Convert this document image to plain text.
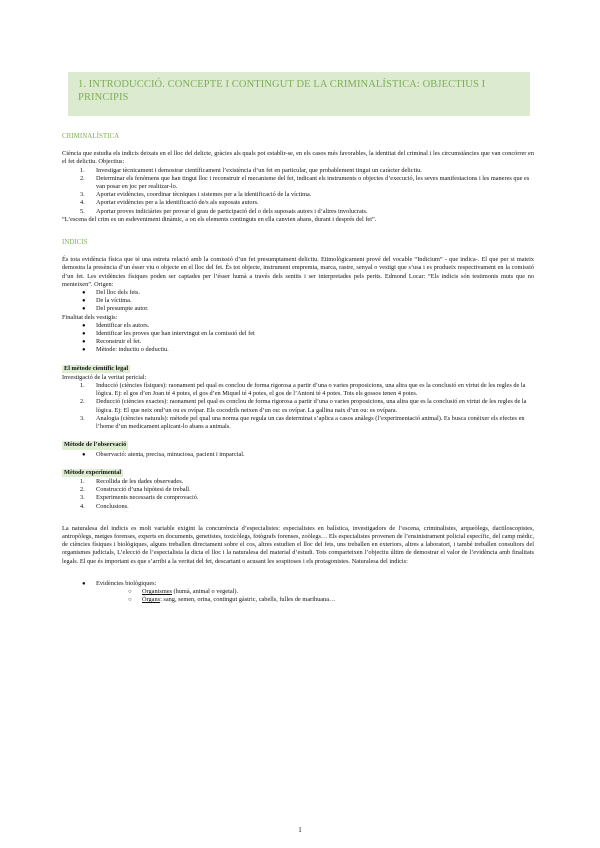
1. INTRODUCCIÓ. CONCEPTE I CONTINGUT DE LA CRIMINALÍSTICA: OBJECTIUS I PRINCIPIS
CRIMINALÍSTICA

Ciència que estudia els indicis deixats en el lloc del delicte, gràcies als quals pot establir-se, en els casos més favorables, la identitat del criminal i les circumstàncies que van concórrer en el fet delictiu. Objectius:

1. Investigar tècnicament i demostrar científicament l’existència d’un fet en particular, que probablement tingui un caràcter delictiu.
2. Determinar els fenòmens que han tingut lloc i reconstruir el mecanisme del fet, indicant els instruments o objectes d’execució, les seves manifestacions i les maneres que es van posar en joc per realitzar-lo.
3. Aportar evidències, coordinar tècniques i sistemes per a la identificació de la víctima.
4. Aportar evidències per a la identificació de/s als suposats autors.
5. Aportar proves indiciàries per provar el grau de participació del o dels suposats autors i d’altres involucrats.

“L’escena del crim es un esdeveniment dinàmic, a on els elements continguts en ella canvien abans, durant i després del fet”.

INDICIS

És tota evidència física que té una estreta relació amb la comissió d’un fet presumptament delictiu. Etimològicament prové del vocable “Indicium” - que indica-. El que per si mateix demostra la presència d’un ésser viu o objecte en el lloc del fet. És tot objecte, instrument empremta, marca, rastre, senyal o vestigi que s’usa i es produeix respectivament en la comissió d’un fet. Les evidències físiques poden ser captades per l’ésser humà a través dels sentits i ser interpretades pels perits. Edmond Locar: “Els indicis són testimonis muts que no menteixen”. Origen:

● Del lloc dels fets.
● De la víctima.
● Del presumpte autor.

Finalitat dels vestigis:

● Identificar els autors.
● Identificar les proves que han intervingut en la comissió del fet
● Reconstruir el fet.
● Mètode: inductiu o deductiu.
El mètode científic legal

Investigació de la veritat pericial:

1. Inducció (ciències físiques): raonament pel qual es conclou de forma rigorosa a partir d’una o varies proposicions, una altra que es la conclusió en virtut de les regles de la lògica. Ej: el gos d’en Joan té 4 potes, el gos d’en Miquel té 4 potes, el gos de l’Antoni té 4 potes. Tots els gossos tenen 4 potes.
2. Deducció (ciències exactes): raonament pel qual es conclou de forma rigorosa a partir d’una o varies proposicions, una altra que es la conclusió en virtut de les regles de la lògica. Ej: El que neix ond’un ou es ovípar. Els cocodrils neixen d’un ou: es ovípar. La gallina naix d’un ou: es ovípara.
3. Analogia (ciències naturals): mètode pel qual una norma que regula un cas determinat s’aplica a casos anàlegs (l’experimentació animal). Es busca conèixer els efectes en l’home d’un medicament aplicant-lo abans a animals.
Mètode de l’observació
● Observació: atenta, precisa, minuciosa, pacient i imparcial.
Mètode experimental
1. Recollida de les dades observades.
2. Construcció d’una hipòtesi de treball.
3. Experiments necessaris de comprovació.
4. Conclusions.

La naturalesa del indicis es molt variable exigint la concurrència d’especialistes: especialistes en balística, investigadors de l’escena, criminalistes, arqueòlegs, dactiloscopistes, antropòlegs, metges forenses, experts en documents, genetistes, toxicòlegs, fotògrafs forenses, zoòlegs… Els especialistes provenen de l’ensinistrament policial específic, del camp mèdic, de ciències físiques i biològiques, alguns treballen directament sobre el cos, altres estudien el lloc del fets, uns treballen en exteriors, altres a laboratori, i també treballen consultors del organismes judicials, L’elecció de l’especialista la dicta el lloc i la naturalesa del material d’estudi. Tots comparteixen l’objectiu últim de demostrar el valor de l’evidència amb finalitats legals. El que és important es que s’arribi a la veritat del fet, descartant o acusant les sospitoses i els protagonistes. Naturalesa del indicis:

● Evidències biològiques:
○ Organismes (humà, animal o vegetal).
○ Òrgans: sang, semen, orina, contingut gàstric, cabells, fulles de marihuana…
1
